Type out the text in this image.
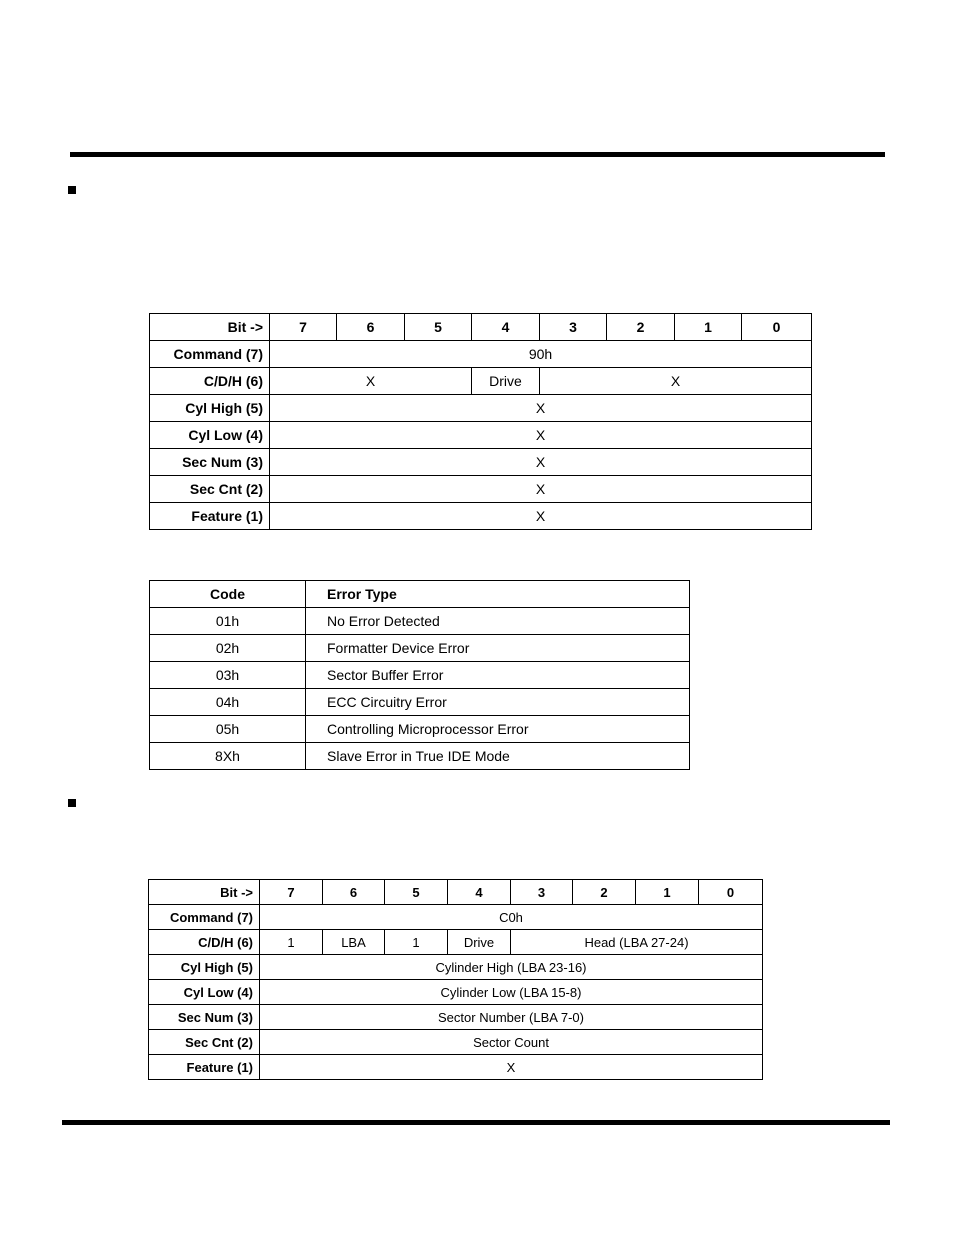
Bit ->	7	6	5	4	3	2	1	0
Command (7)	90h							
C/D/H (6)	X			Drive	X			
Cyl High (5)	X							
Cyl Low (4)	X							
Sec Num (3)	X							
Sec Cnt (2)	X							
Feature (1)	X							
Code	Error Type
01h	No Error Detected
02h	Formatter Device Error
03h	Sector Buffer Error
04h	ECC Circuitry Error
05h	Controlling Microprocessor Error
8Xh	Slave Error in True IDE Mode
Bit ->	7	6	5	4	3	2	1	0
Command (7)	C0h							
C/D/H (6)	1	LBA	1	Drive	Head (LBA 27-24)			
Cyl High (5)	Cylinder High (LBA 23-16)							
Cyl Low (4)	Cylinder Low (LBA 15-8)							
Sec Num (3)	Sector Number (LBA 7-0)							
Sec Cnt (2)	Sector Count							
Feature (1)	X							
